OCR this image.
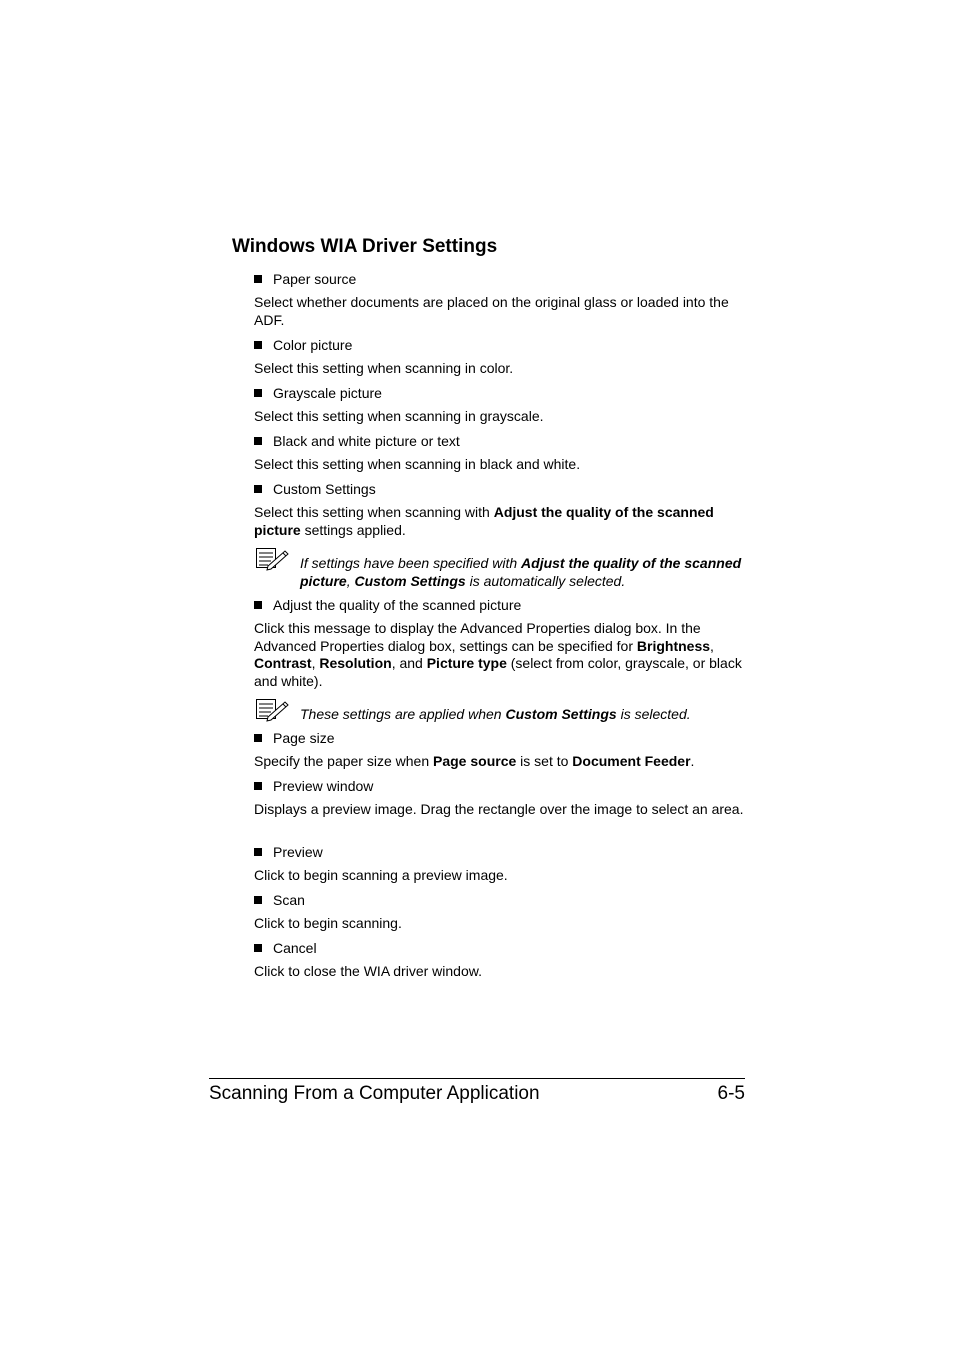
Windows WIA Driver Settings
Paper source
Select whether documents are placed on the original glass or loaded into the ADF.
Color picture
Select this setting when scanning in color.
Grayscale picture
Select this setting when scanning in grayscale.
Black and white picture or text
Select this setting when scanning in black and white.
Custom Settings
Select this setting when scanning with Adjust the quality of the scanned picture settings applied.
If settings have been specified with Adjust the quality of the scanned picture, Custom Settings is automatically selected.
Adjust the quality of the scanned picture
Click this message to display the Advanced Properties dialog box. In the Advanced Properties dialog box, settings can be specified for Brightness, Contrast, Resolution, and Picture type (select from color, grayscale, or black and white).
These settings are applied when Custom Settings is selected.
Page size
Specify the paper size when Page source is set to Document Feeder.
Preview window
Displays a preview image. Drag the rectangle over the image to select an area.
Preview
Click to begin scanning a preview image.
Scan
Click to begin scanning.
Cancel
Click to close the WIA driver window.
Scanning From a Computer Application	6-5
